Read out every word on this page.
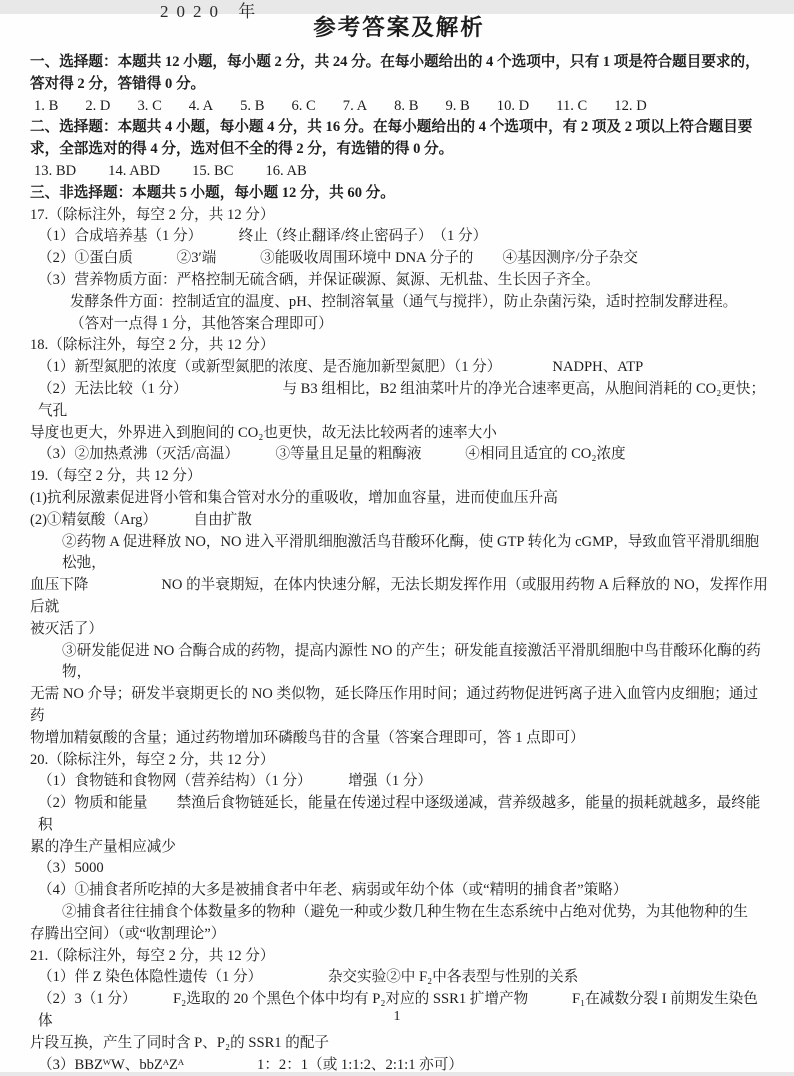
2020 年
参考答案及解析
一、选择题：本题共 12 小题，每小题 2 分，共 24 分。在每小题给出的 4 个选项中，只有 1 项是符合题目要求的，
答对得 2 分，答错得 0 分。
1. B 2. D 3. C 4. A 5. B 6. C 7. A 8. B 9. B 10. D 11. C 12. D
二、选择题：本题共 4 小题，每小题 4 分，共 16 分。在每小题给出的 4 个选项中，有 2 项及 2 项以上符合题目要
求，全部选对的得 4 分，选对但不全的得 2 分，有选错的得 0 分。
13. BD 14. ABD 15. BC 16. AB
三、非选择题：本题共 5 小题，每小题 12 分，共 60 分。
17.（除标注外，每空 2 分，共 12 分）
（1）合成培养基（1 分）　　　终止（终止翻译/终止密码子）　（1 分）
（2）①蛋白质　　　②3′端　　　③能吸收周围环境中 DNA 分子的　　④基因测序/分子杂交
（3）营养物质方面：严格控制无硫含硒，并保证碳源、氮源、无机盐、生长因子齐全。
发酵条件方面：控制适宜的温度、pH、控制溶氧量（通气与搅拌），防止杂菌污染，适时控制发酵进程。
（答对一点得 1 分，其他答案合理即可）
18.（除标注外，每空 2 分，共 12 分）
（1）新型氮肥的浓度（或新型氮肥的浓度、是否施加新型氮肥）（1 分）　　　　NADPH、ATP
（2）无法比较（1 分）　　　　　　　与 B3 组相比，B2 组油菜叶片的净光合速率更高，从胞间消耗的 CO₂更快；气孔
导度也更大，外界进入到胞间的 CO₂也更快，故无法比较两者的速率大小
（3）②加热煮沸（灭活/高温）　　　③等量且足量的粗酶液　　　④相同且适宜的 CO₂浓度
19.（每空 2 分，共 12 分）
(1)抗利尿激素促进肾小管和集合管对水分的重吸收，增加血容量，进而使血压升高
(2)①精氨酸（Arg）　　　自由扩散
②药物 A 促进释放 NO，NO 进入平滑肌细胞激活鸟苷酸环化酶，使 GTP 转化为 cGMP，导致血管平滑肌细胞松弛，
血压下降　　　　　NO 的半衰期短，在体内快速分解，无法长期发挥作用（或服用药物 A 后释放的 NO，发挥作用后就
被灭活了）
③研发能促进 NO 合酶合成的药物，提高内源性 NO 的产生；研发能直接激活平滑肌细胞中鸟苷酸环化酶的药物，
无需 NO 介导；研发半衰期更长的 NO 类似物，延长降压作用时间；通过药物促进钙离子进入血管内皮细胞；通过药
物增加精氨酸的含量；通过药物增加环磷酸鸟苷的含量（答案合理即可，答 1 点即可）
20.（除标注外，每空 2 分，共 12 分）
（1）食物链和食物网（营养结构）（1 分）　　　增强（1 分）
（2）物质和能量　　禁渔后食物链延长，能量在传递过程中逐级递减，营养级越多，能量的损耗就越多，最终能积
累的净生产量相应减少
（3）5000
（4）①捕食者所吃掉的大多是被捕食者中年老、病弱或年幼个体（或“精明的捕食者”策略）
②捕食者往往捕食个体数量多的物种（避免一种或少数几种生物在生态系统中占绝对优势，为其他物种的生
存腾出空间）（或“收割理论”）
21.（除标注外，每空 2 分，共 12 分）
（1）伴 Z 染色体隐性遗传（1 分）　　　　　杂交实验②中 F₂中各表型与性别的关系
（2）3（1 分）　　　F₂选取的 20 个黑色个体中均有 P₂对应的 SSR1 扩增产物　　　F₁在减数分裂 I 前期发生染色体
片段互换，产生了同时含 P、P₂的 SSR1 的配子
（3）BBZᵂW、bbZᴬZᴬ　　　　　1：2：1（或 1:1:2、2:1:1 亦可）
1
